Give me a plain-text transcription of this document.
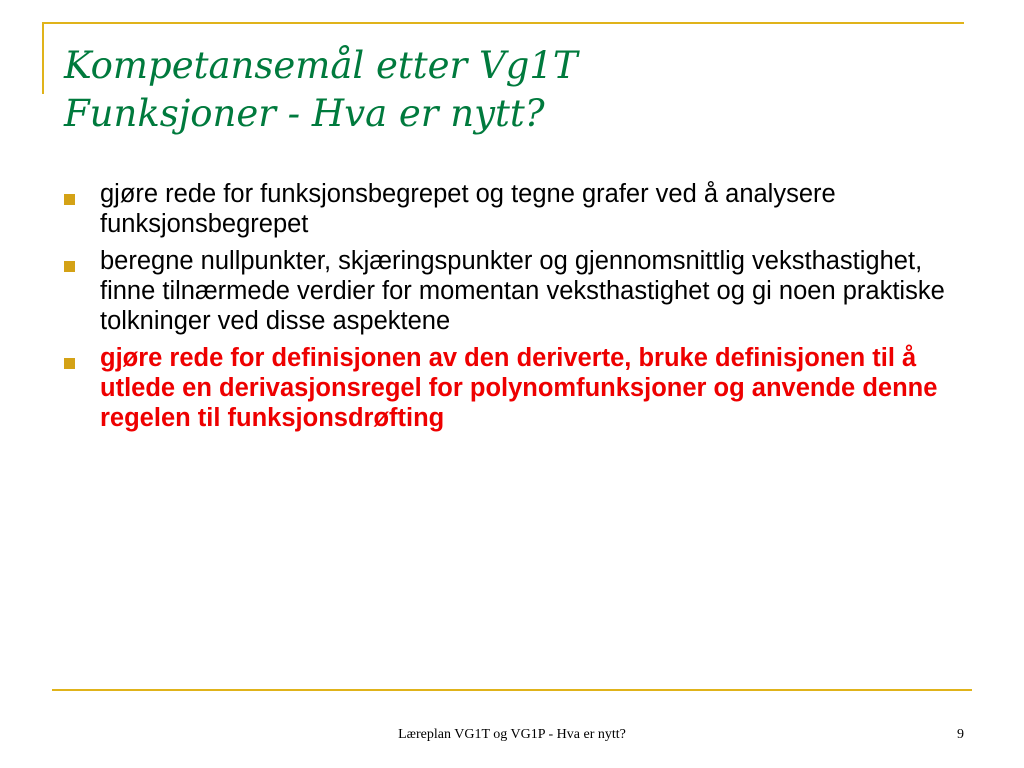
Kompetansemål etter Vg1T
Funksjoner - Hva er nytt?
gjøre rede for funksjonsbegrepet og tegne grafer ved å analysere funksjonsbegrepet
beregne nullpunkter, skjæringspunkter og gjennomsnittlig veksthastighet, finne tilnærmede verdier for momentan veksthastighet og gi noen praktiske tolkninger ved disse aspektene
gjøre rede for definisjonen av den deriverte, bruke definisjonen til å utlede en derivasjonsregel for polynomfunksjoner og anvende denne regelen til funksjonsdrøfting
Læreplan VG1T og VG1P - Hva er nytt?	9
